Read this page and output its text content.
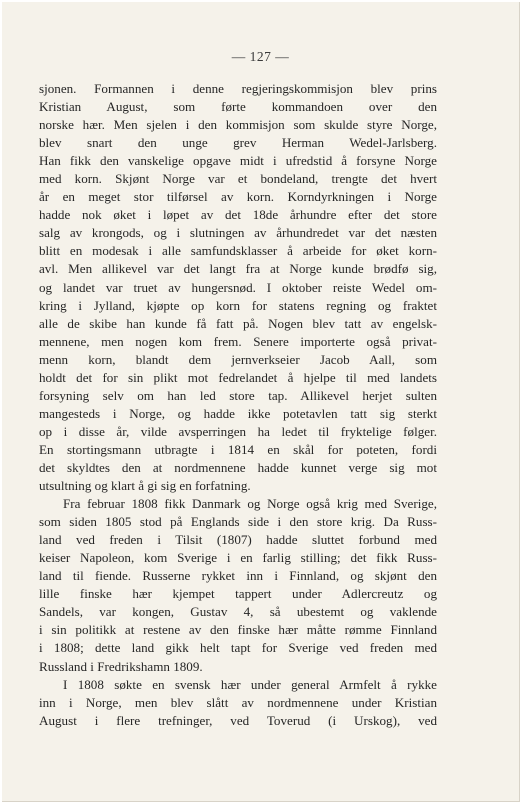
— 127 —
sjonen. Formannen i denne regjeringskommisjon blev prins
Kristian August, som førte kommandoen over den
norske hær. Men sjelen i den kommisjon som skulde styre Norge,
blev snart den unge grev Herman Wedel-Jarlsberg.
Han fikk den vanskelige opgave midt i ufredstid å forsyne Norge
med korn. Skjønt Norge var et bondeland, trengte det hvert
år en meget stor tilførsel av korn. Korndyrkningen i Norge
hadde nok øket i løpet av det 18de århundre efter det store
salg av krongods, og i slutningen av århundredet var det næsten
blitt en modesak i alle samfundsklasser å arbeide for øket korn-
avl. Men allikevel var det langt fra at Norge kunde brødfø sig,
og landet var truet av hungersnød. I oktober reiste Wedel om-
kring i Jylland, kjøpte op korn for statens regning og fraktet
alle de skibe han kunde få fatt på. Nogen blev tatt av engelsk-
mennene, men nogen kom frem. Senere importerte også privat-
menn korn, blandt dem jernverkseier Jacob Aall, som
holdt det for sin plikt mot fedrelandet å hjelpe til med landets
forsyning selv om han led store tap. Allikevel herjet sulten
mangesteds i Norge, og hadde ikke potetavlen tatt sig sterkt
op i disse år, vilde avsperringen ha ledet til fryktelige følger.
En stortingsmann utbragte i 1814 en skål for poteten, fordi
det skyldtes den at nordmennene hadde kunnet verge sig mot
utsultning og klart å gi sig en forfatning.
Fra februar 1808 fikk Danmark og Norge også krig med Sverige,
som siden 1805 stod på Englands side i den store krig. Da Russ-
land ved freden i Tilsit (1807) hadde sluttet forbund med
keiser Napoleon, kom Sverige i en farlig stilling; det fikk Russ-
land til fiende. Russerne rykket inn i Finnland, og skjønt den
lille finske hær kjempet tappert under Adlercreutz og
Sandels, var kongen, Gustav 4, så ubestemt og vaklende
i sin politikk at restene av den finske hær måtte rømme Finnland
i 1808; dette land gikk helt tapt for Sverige ved freden med
Russland i Fredrikshamn 1809.
I 1808 søkte en svensk hær under general Armfelt å rykke
inn i Norge, men blev slått av nordmennene under Kristian
August i flere trefninger, ved Toverud (i Urskog), ved
